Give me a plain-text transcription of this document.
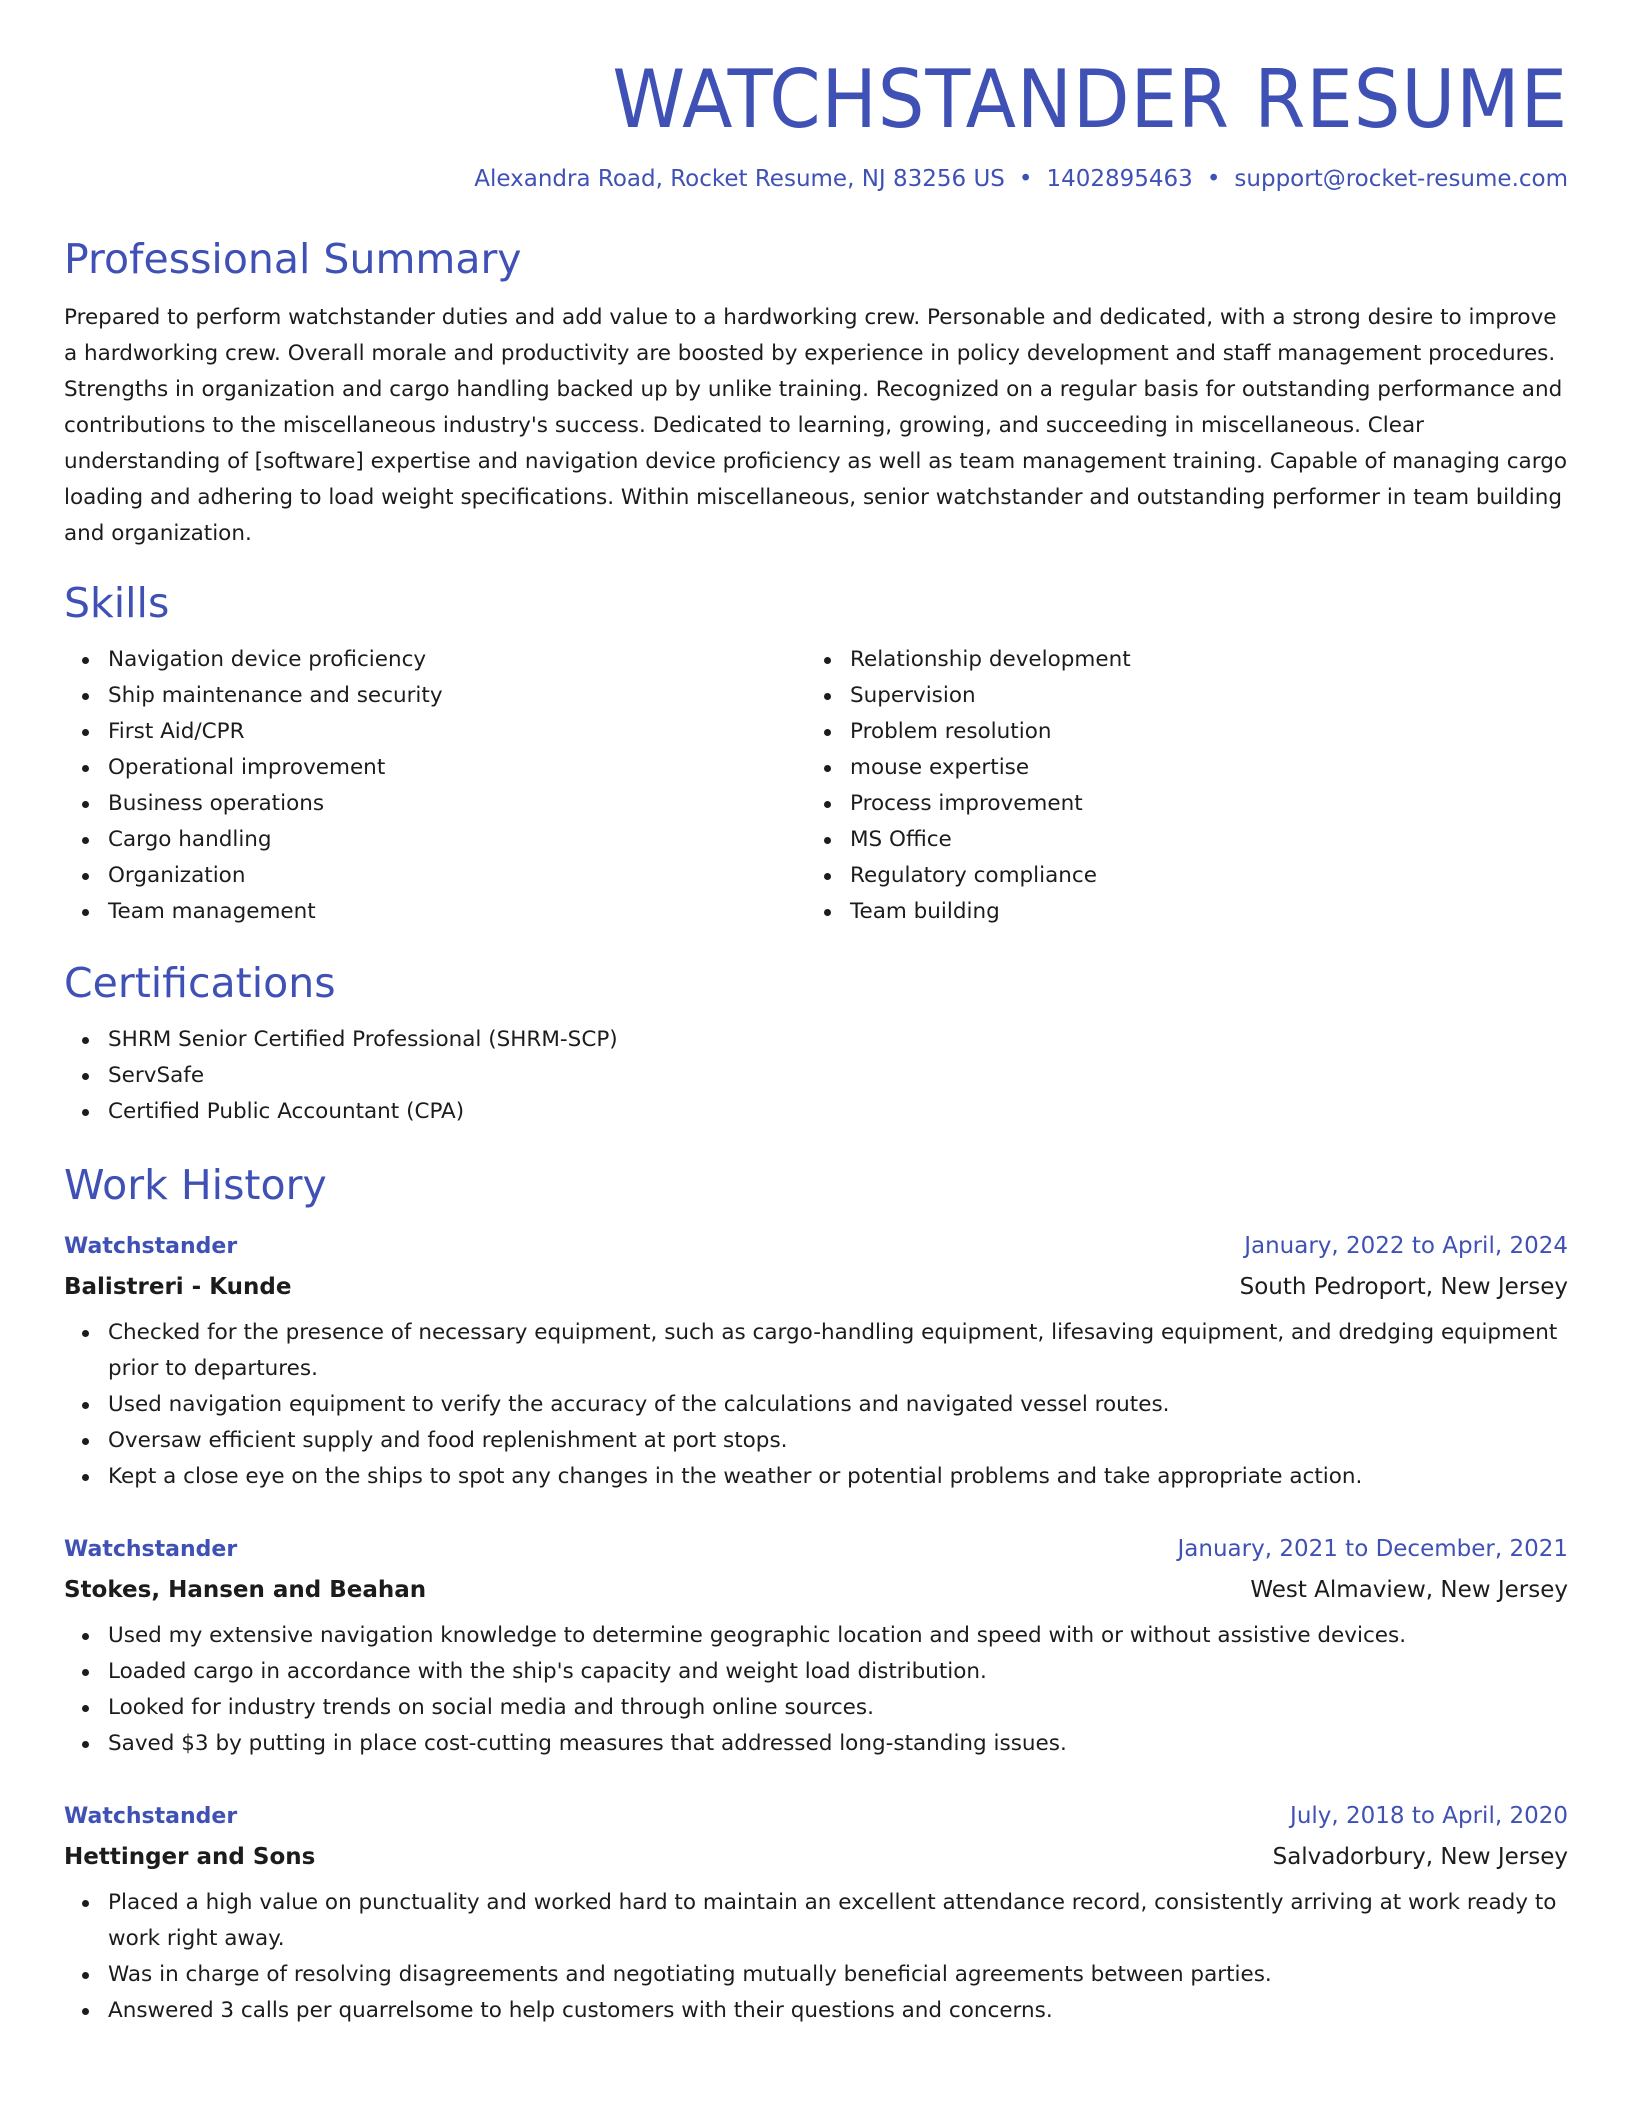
WATCHSTANDER RESUME
Alexandra Road, Rocket Resume, NJ 83256 US • 1402895463 • support@rocket-resume.com
Professional Summary

Prepared to perform watchstander duties and add value to a hardworking crew. Personable and dedicated, with a strong desire to improve a hardworking crew. Overall morale and productivity are boosted by experience in policy development and staff management procedures. Strengths in organization and cargo handling backed up by unlike training. Recognized on a regular basis for outstanding performance and contributions to the miscellaneous industry's success. Dedicated to learning, growing, and succeeding in miscellaneous. Clear understanding of [software] expertise and navigation device proficiency as well as team management training. Capable of managing cargo loading and adhering to load weight specifications. Within miscellaneous, senior watchstander and outstanding performer in team building and organization.

Skills
Navigation device proficiency
Ship maintenance and security
First Aid/CPR
Operational improvement
Business operations
Cargo handling
Organization
Team management
Relationship development
Supervision
Problem resolution
mouse expertise
Process improvement
MS Office
Regulatory compliance
Team building
Certifications
SHRM Senior Certified Professional (SHRM-SCP)
ServSafe
Certified Public Accountant (CPA)
Work History
Watchstander	January, 2022 to April, 2024
Balistreri - Kunde	South Pedroport, New Jersey
Checked for the presence of necessary equipment, such as cargo-handling equipment, lifesaving equipment, and dredging equipment prior to departures.
Used navigation equipment to verify the accuracy of the calculations and navigated vessel routes.
Oversaw efficient supply and food replenishment at port stops.
Kept a close eye on the ships to spot any changes in the weather or potential problems and take appropriate action.
Watchstander	January, 2021 to December, 2021
Stokes, Hansen and Beahan	West Almaview, New Jersey
Used my extensive navigation knowledge to determine geographic location and speed with or without assistive devices.
Loaded cargo in accordance with the ship's capacity and weight load distribution.
Looked for industry trends on social media and through online sources.
Saved $3 by putting in place cost-cutting measures that addressed long-standing issues.
Watchstander	July, 2018 to April, 2020
Hettinger and Sons	Salvadorbury, New Jersey
Placed a high value on punctuality and worked hard to maintain an excellent attendance record, consistently arriving at work ready to work right away.
Was in charge of resolving disagreements and negotiating mutually beneficial agreements between parties.
Answered 3 calls per quarrelsome to help customers with their questions and concerns.
